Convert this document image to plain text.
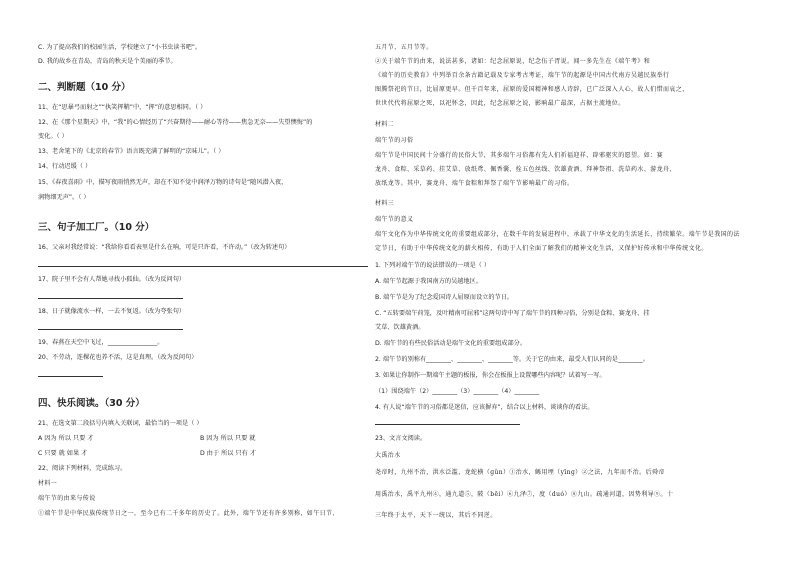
C. 为了提高我们的校园生活，学校建立了“小书虫读书吧”。
D. 我的故乡在青岛，青岛的秋天是个美丽的季节。
二、判断题（10 分）
11、在“思暴弓而射之”“执笑挥鞘”中，“挥”的意思相同。（ ）
12、在《那个星期天》中，“我”的心情经历了“兴奋期待——耐心等待——焦急无奈——失望懊悔”的
变化。（ ）
13、老舍笔下的《北京的春节》语言既充满了鲜明的“京味儿”。（ ）
14、行动迟缓（ ）
15、《春夜喜雨》中，描写夜雨悄然无声，却在不知不觉中润泽万物的诗句是“随风潜入夜，
润物细无声”。（ ）
三、句子加工厂。（10 分）
16、父亲对我经常说：“我给你看看表里是什么在响，可是只许看，不许动。”（改为转述句）
17、院子里不会有人帮她寻找小狐仙。（改为反问句）
18、日子就像流水一样，一去不复返。（改为夸张句）
19、春燕在天空中飞过，________________。
20、不劳动，连棵花也养不活，这是真理。（改为反问句）
四、快乐阅读。（30 分）
21、在选文第二段括号内填入关联词，最恰当的一项是（ ）
A 因为 所以 只要 才	B 因为 所以 只要 就
C 只要 就 如果 才	D 由于 所以 只有 才
22、阅读下列材料，完成练习。
材料一
端午节的由来与传说
①端午节是中华民族传统节日之一，至今已有二千多年的历史了。此外，端午节还有许多别称，如午日节、
五月节、五月节等。
②关于端午节的由来，说法甚多，诸如：纪念屈原说，纪念伍子胥说。闻一多先生在《端午考》和
《端午的历史教育》中列举百余条古籍记载及专家考古考证，端午节的起源是中国古代南方吴越民族举行
图腾祭祀的节日，比屈原更早。但千百年来，屈原的爱国精神和感人诗辞，已广泛深入人心，故人们惜而哀之，
世世代代将屈原之死，以祀怀念，因此，纪念屈原之说，影响最广最深，占据主流地位。
材料二
端午节的习俗
端午节是中国民间十分盛行的民俗大节，其多端午习俗都有先人们祈福迎祥、辟邪驱灾的愿望。如：赛
龙舟、食粽、采草药、挂艾草、放纸鸢、佩香囊、拴五色丝线、饮雄黄酒、拜神祭祖、洗草药水、游龙舟、
放纸龙等。其中，赛龙舟、端午食粽和拜祭了端午节影响最广的习俗。
材料三
端午节的意义
端午文化作为中华传统文化的重要组成部分，在数千年的发展进程中，承载了中华文化的生活延长，持续繁荣。端午节是我国的法
定节日，有助于中华传统文化的薪火相传，有助于人们全面了解我们的精神文化生活，又保护好传承和中华传统文化。
1. 下列对端午节的说法错误的一项是（ ）
A. 端午节起源于我国南方的吴越地区。
B. 端午节是为了纪念爱国诗人屈原而设立的节日。
C. “五转要端午荷笼，及叶精南可屈邪”这两句诗中写了端午节的四种习俗，分别是食粽、赛龙舟、挂
艾草、饮雄黄酒。
D. 端午节的有些民俗活动是端午文化的重要组成部分。
2. 端午节的别称有________、________、________等。关于它的由来，最受人们认同的是________。
3. 如果让你制作一期端午主题的板报，你会在板报上设置哪些内容呢？试着写一写。
（1）围绕端午（2）________（3）________（4）________
4. 有人说“端午节的习俗都是迷信，应该摒弃”，结合以上材料，谈谈你的看法。
23、文言文阅读。
大禹治水
尧帝时，九州不治，洪水泛滥，龙蛇横（ɡǔn）①治水，鲧用堙（yīnɡ）②之法，九年而不治。后舜帝
用禹治水，禹平九州④，通九道⑤，陂（bēi）⑥九泽⑦，度（duó）⑧九山。疏通河道，因势利导⑨。十
三年终于太平，天下一统以，其后不同逆。
